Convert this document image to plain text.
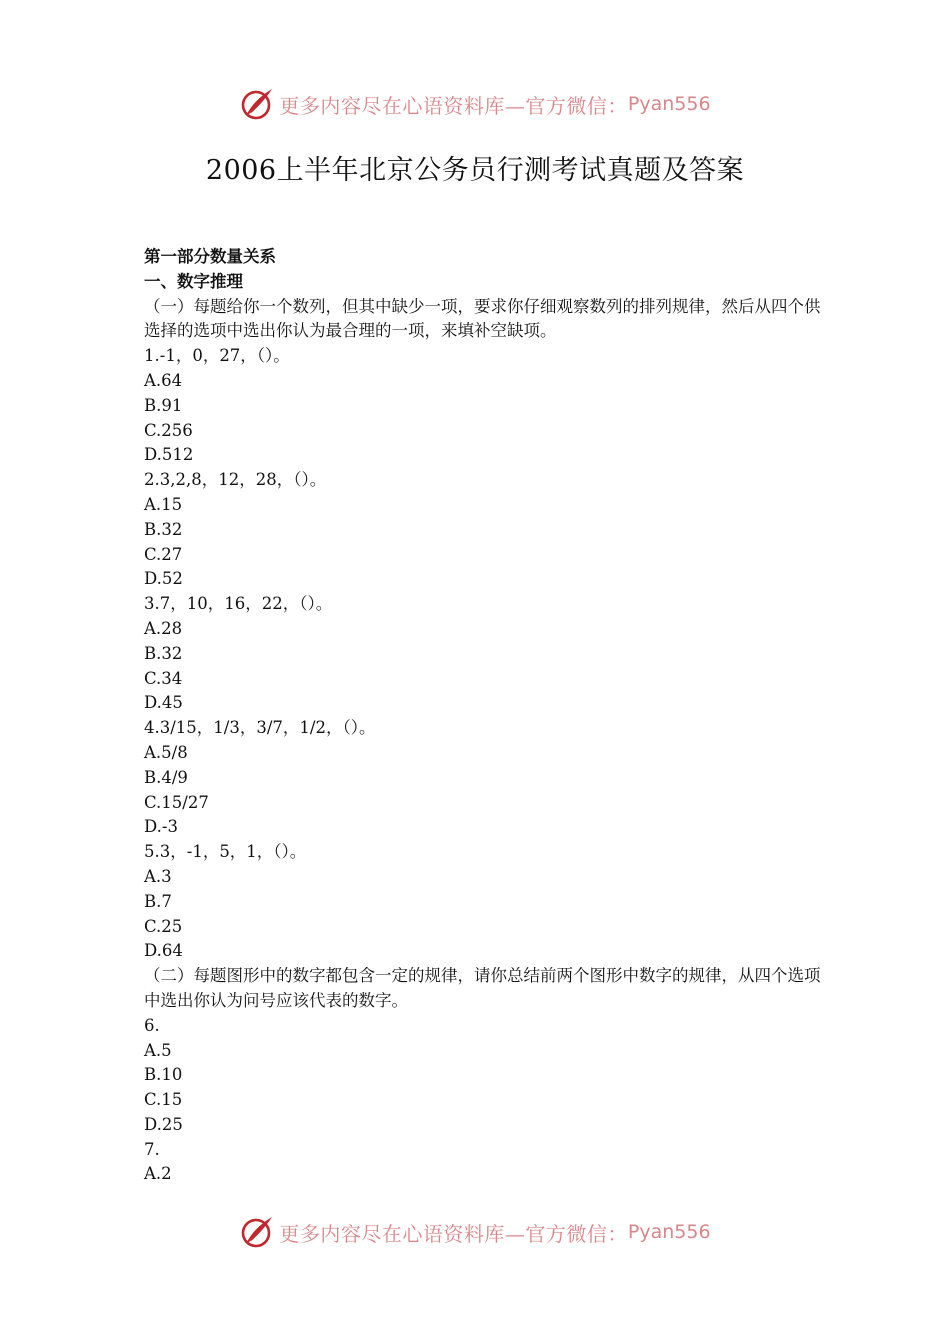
更多内容尽在心语资料库—官方微信： Pyan556
2006上半年北京公务员行测考试真题及答案
第一部分数量关系
一、数字推理
（一）每题给你一个数列，但其中缺少一项，要求你仔细观察数列的排列规律，然后从四个供选择的选项中选出你认为最合理的一项，来填补空缺项。
1.-1，0，27，（）。
A.64
B.91
C.256
D.512
2.3,2,8，12，28，（）。
A.15
B.32
C.27
D.52
3.7，10，16，22，（）。
A.28
B.32
C.34
D.45
4.3/15，1/3，3/7，1/2，（）。
A.5/8
B.4/9
C.15/27
D.-3
5.3，-1，5，1，（）。
A.3
B.7
C.25
D.64
（二）每题图形中的数字都包含一定的规律，请你总结前两个图形中数字的规律，从四个选项中选出你认为问号应该代表的数字。
6.
A.5
B.10
C.15
D.25
7.
A.2
更多内容尽在心语资料库—官方微信： Pyan556
